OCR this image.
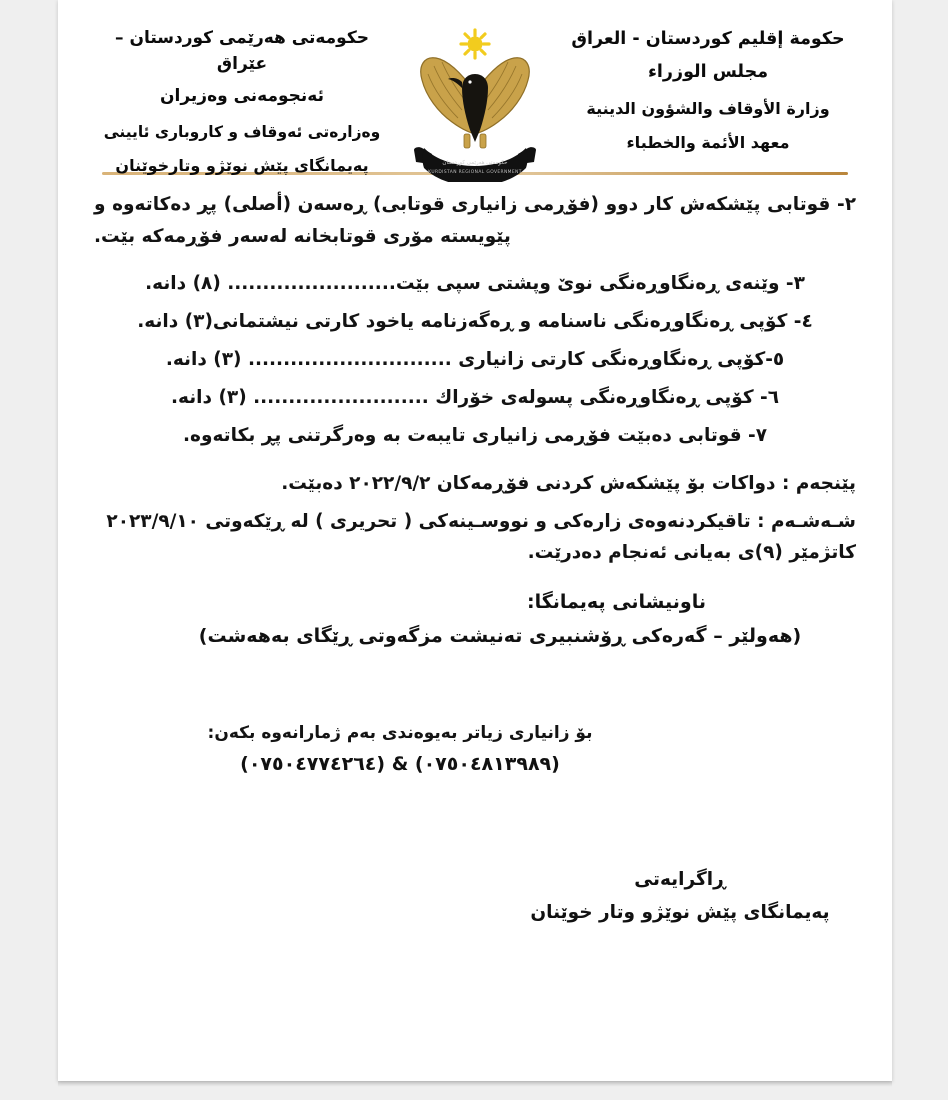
حکومەتی هەرێمی کوردستان – عێراق
ئەنجومەنی وەزیران
وەزارەتی ئەوقاف و کاروباری ئایینی
پەیمانگای پێش نوێژو وتارخوێنان	حکومه‌تی هه‌رێمی کوردستان
KURDISTAN REGIONAL GOVERNMENT
حكومة إقليم كوردستان - العراق
مجلس الوزراء
وزارة الأوقاف والشؤون الدينية
معهد الأئمة والخطباء

٢- قوتابی پێشکەش کار دوو (فۆڕمی زانیاری قوتابی) ڕەسەن (أصلی) پڕ دەکاتەوە و پێویستە مۆری قوتابخانە لەسەر فۆڕمەکە بێت.

٣- وێنەی ڕەنگاوڕەنگی نوێ وپشتی سپی بێت........................ (٨) دانە.

٤- کۆپی ڕەنگاوڕەنگی ناسنامە و ڕەگەزنامە یاخود کارتی نیشتمانی(٣) دانە.

٥-کۆپی ڕەنگاوڕەنگی کارتی زانیاری ............................. (٣) دانە.

٦- کۆپی ڕەنگاوڕەنگی پسولەی خۆراك ......................... (٣) دانە.

٧- قوتابی دەبێت فۆڕمی زانیاری تایبەت بە وەرگرتنی پڕ بکاتەوە.

پێنجەم : دواکات بۆ پێشکەش کردنی فۆڕمەکان ٢٠٢٢/٩/٢ دەبێت.

شـەشـەم : تاقیکردنەوەی زارەکی و نووسـینەکی ( تحریری ) لە ڕێکەوتی ٢٠٢٣/٩/١٠ کاتژمێر (٩)ی بەیانی ئەنجام دەدرێت.

ناونیشانی پەیمانگا:

(هەولێر – گەرەکی ڕۆشنبیری تەنیشت مزگەوتی ڕێگای بەهەشت)

بۆ زانیاری زیاتر بەیوەندی بەم ژمارانەوە بکەن:

(٠٧٥٠٤٨١٣٩٨٩) & (٠٧٥٠٤٧٧٤٢٦٤)

ڕاگرایەتی

پەیمانگای پێش نوێژو وتار خوێنان
